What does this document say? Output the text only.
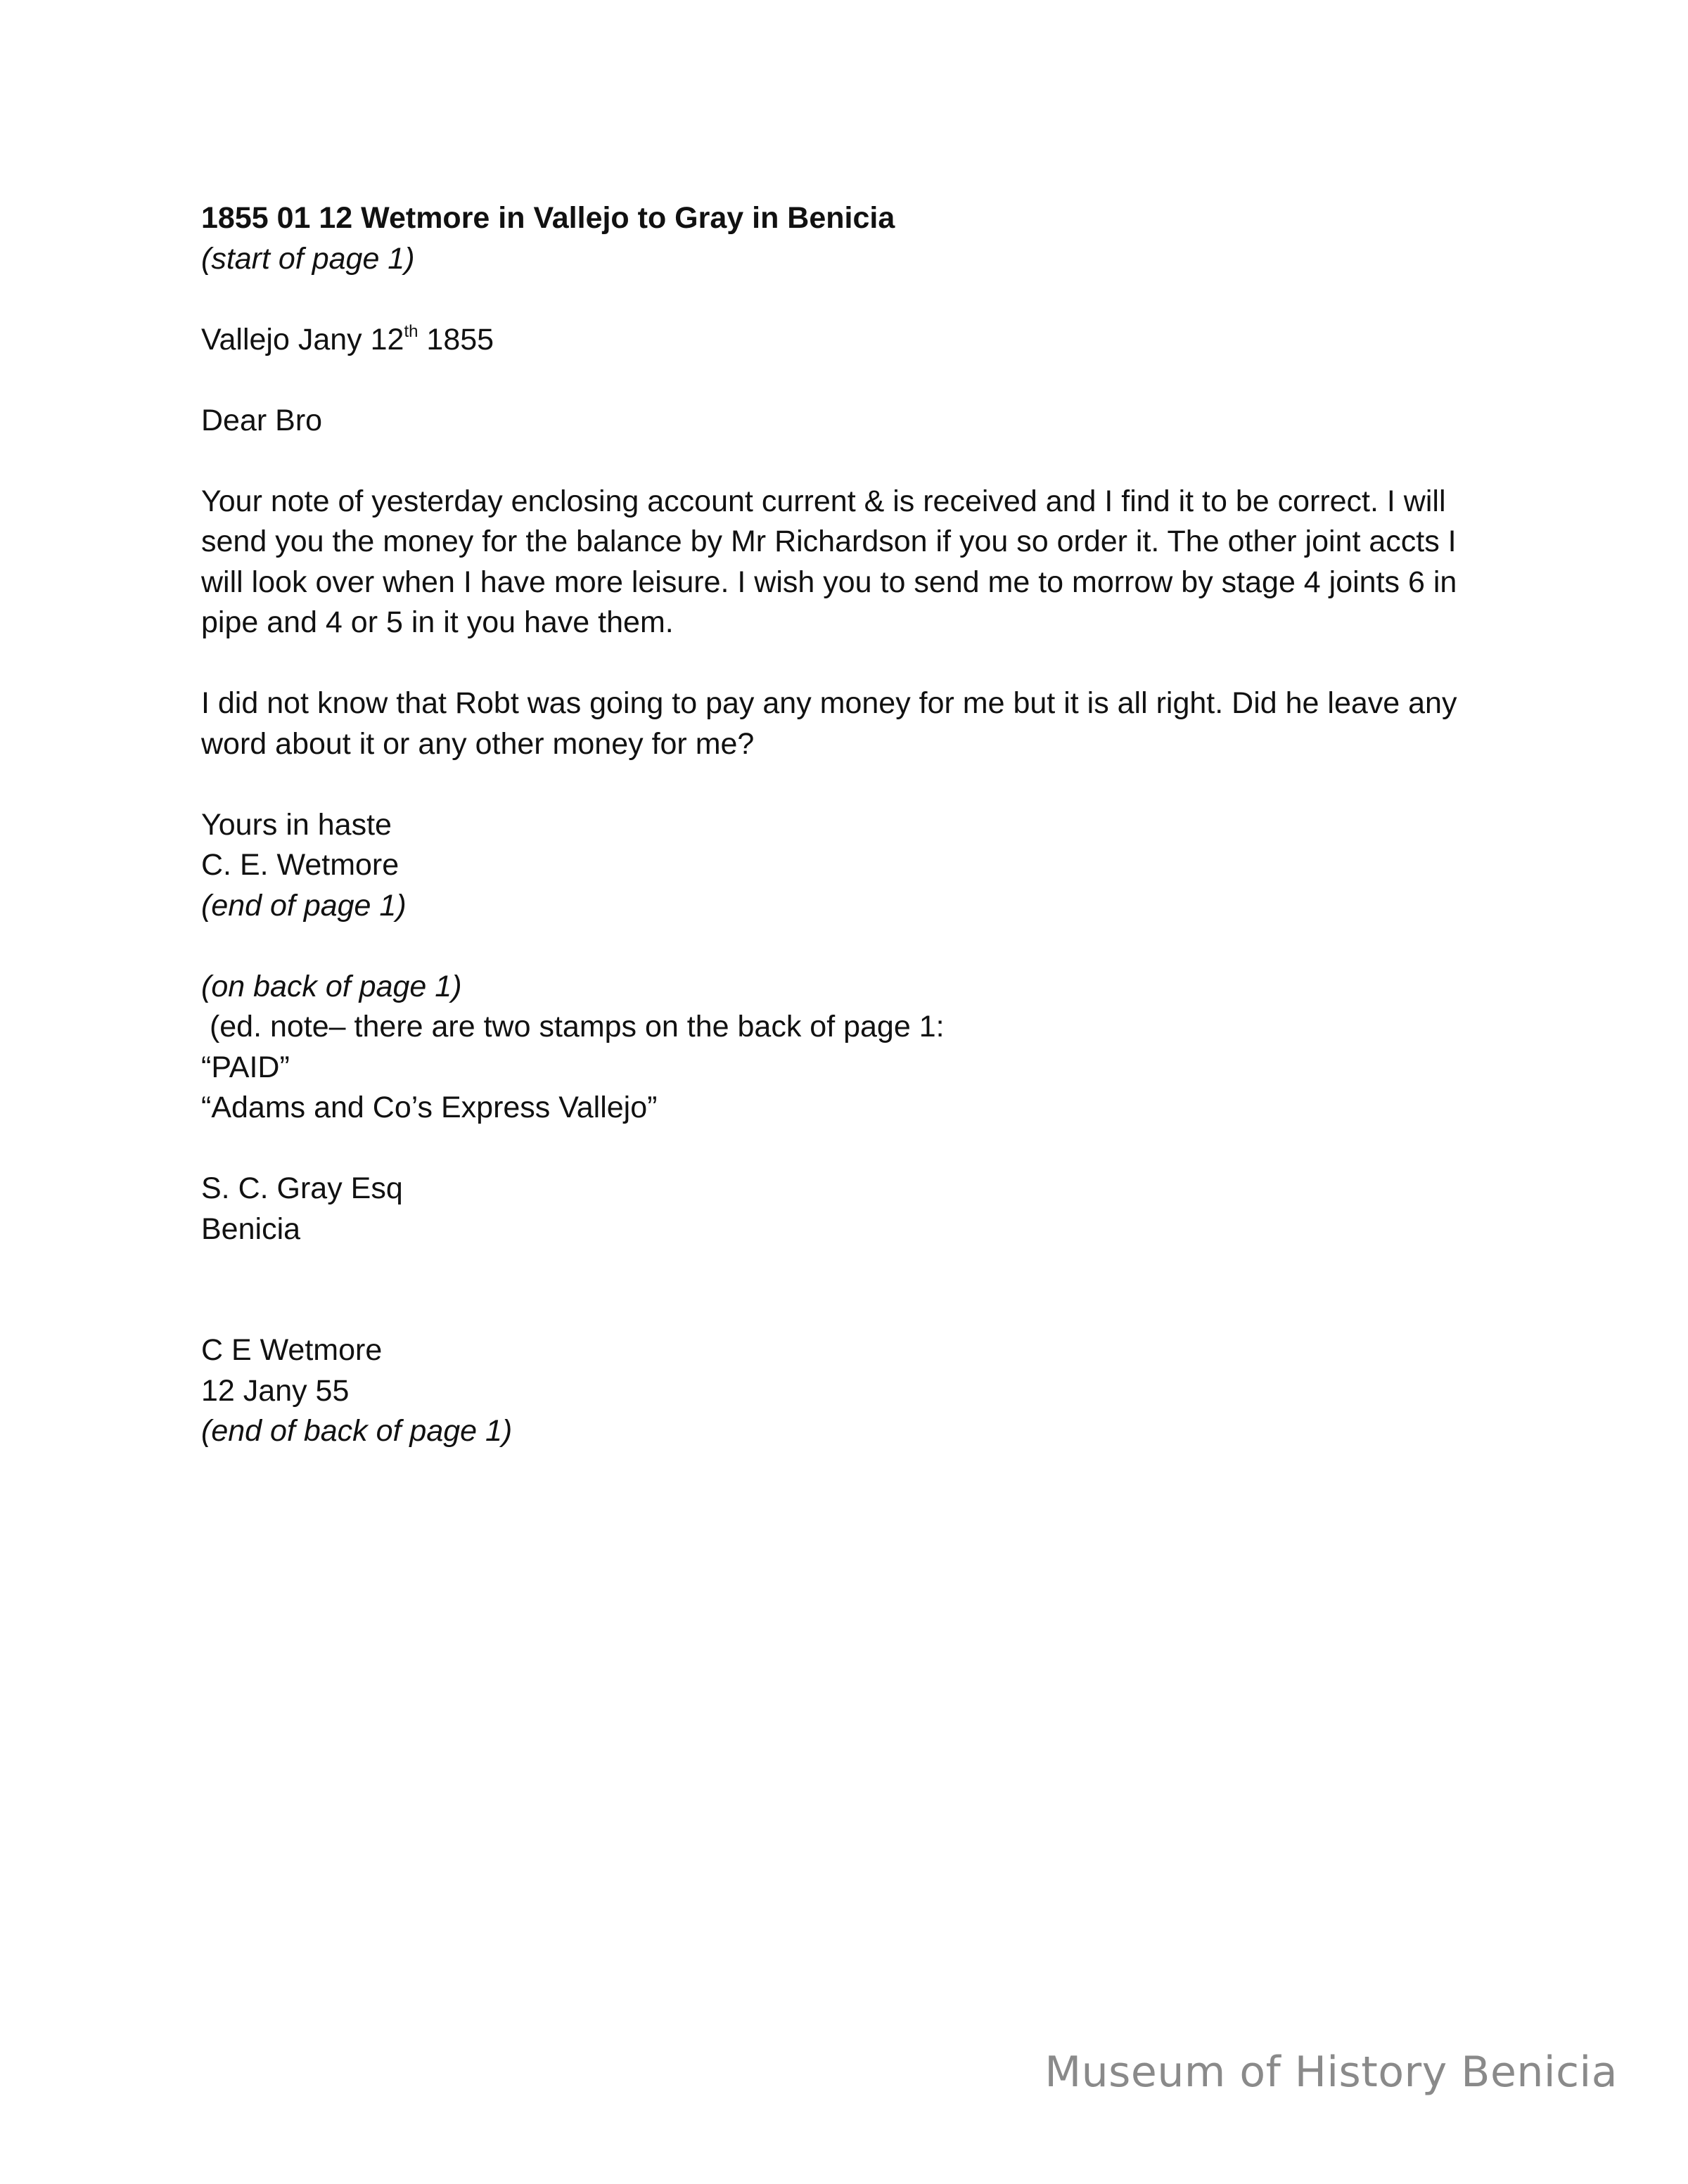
1855 01 12 Wetmore in Vallejo to Gray in Benicia
(start of page 1)
Vallejo Jany 12th 1855
Dear Bro
Your note of yesterday enclosing account current & is received and I find it to be correct. I will send you the money for the balance by Mr Richardson if you so order it. The other joint accts I will look over when I have more leisure. I wish you to send me to morrow by stage 4 joints 6 in pipe and 4 or 5 in it you have them.
I did not know that Robt was going to pay any money for me but it is all right. Did he leave any word about it or any other money for me?
Yours in haste
C. E. Wetmore
(end of page 1)
(on back of page 1)
(ed. note– there are two stamps on the back of page 1:
“PAID”
“Adams and Co’s Express Vallejo”
S. C. Gray Esq
Benicia
C E Wetmore
12 Jany 55
(end of back of page 1)
Museum of History Benicia
